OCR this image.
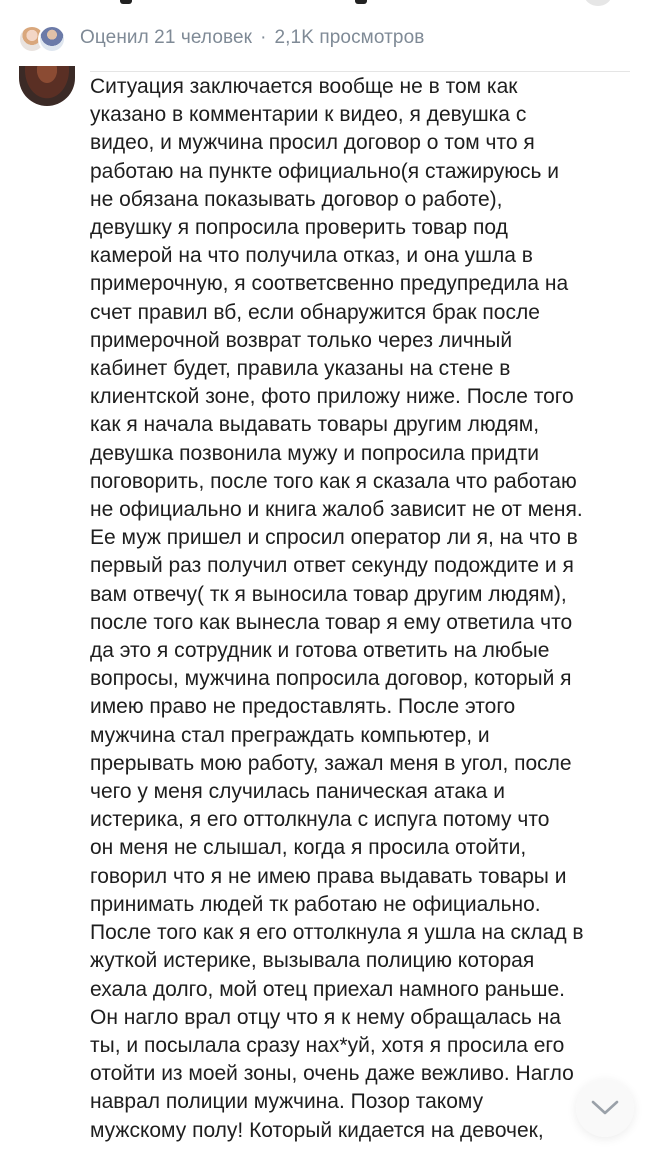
Оценил 21 человек · 2,1K просмотров

Ситуация заключается вообще не в том как
указано в комментарии к видео, я девушка с
видео, и мужчина просил договор о том что я
работаю на пункте официально(я стажируюсь и
не обязана показывать договор о работе),
девушку я попросила проверить товар под
камерой на что получила отказ, и она ушла в
примерочную, я соответсвенно предупредила на
счет правил вб, если обнаружится брак после
примерочной возврат только через личный
кабинет будет, правила указаны на стене в
клиентской зоне, фото приложу ниже. После того
как я начала выдавать товары другим людям,
девушка позвонила мужу и попросила придти
поговорить, после того как я сказала что работаю
не официально и книга жалоб зависит не от меня.
Ее муж пришел и спросил оператор ли я, на что в
первый раз получил ответ секунду подождите и я
вам отвечу( тк я выносила товар другим людям),
после того как вынесла товар я ему ответила что
да это я сотрудник и готова ответить на любые
вопросы, мужчина попросила договор, который я
имею право не предоставлять. После этого
мужчина стал преграждать компьютер, и
прерывать мою работу, зажал меня в угол, после
чего у меня случилась паническая атака и
истерика, я его оттолкнула с испуга потому что
он меня не слышал, когда я просила отойти,
говорил что я не имею права выдавать товары и
принимать людей тк работаю не официально.
После того как я его оттолкнула я ушла на склад в
жуткой истерике, вызывала полицию которая
ехала долго, мой отец приехал намного раньше.
Он нагло врал отцу что я к нему обращалась на
ты, и посылала сразу нах*уй, хотя я просила его
отойти из моей зоны, очень даже вежливо. Нагло
наврал полиции мужчина. Позор такому
мужскому полу! Который кидается на девочек,
